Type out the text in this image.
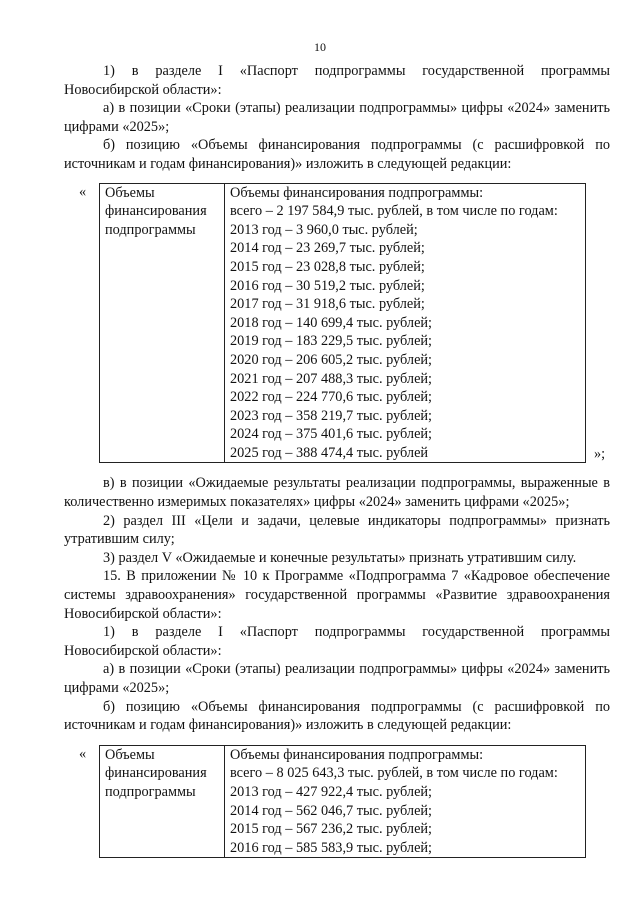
10

1) в разделе I «Паспорт подпрограммы государственной программы Новосибирской области»:

а) в позиции «Сроки (этапы) реализации подпрограммы» цифры «2024» заменить цифрами «2025»;

б) позицию «Объемы финансирования подпрограммы (с расшифровкой по источникам и годам финансирования)» изложить в следующей редакции:

« Объемы финансирования подпрограммы	Объемы финансирования подпрограммы:
всего – 2 197 584,9 тыс. рублей, в том числе по годам:
2013 год – 3 960,0 тыс. рублей;
2014 год – 23 269,7 тыс. рублей;
2015 год – 23 028,8 тыс. рублей;
2016 год – 30 519,2 тыс. рублей;
2017 год – 31 918,6 тыс. рублей;
2018 год – 140 699,4 тыс. рублей;
2019 год – 183 229,5 тыс. рублей;
2020 год – 206 605,2 тыс. рублей;
2021 год – 207 488,3 тыс. рублей;
2022 год – 224 770,6 тыс. рублей;
2023 год – 358 219,7 тыс. рублей;
2024 год – 375 401,6 тыс. рублей;
2025 год – 388 474,4 тыс. рублей	»;

в) в позиции «Ожидаемые результаты реализации подпрограммы, выраженные в количественно измеримых показателях» цифры «2024» заменить цифрами «2025»;

2) раздел III «Цели и задачи, целевые индикаторы подпрограммы» признать утратившим силу;

3) раздел V «Ожидаемые и конечные результаты» признать утратившим силу.

15. В приложении № 10 к Программе «Подпрограмма 7 «Кадровое обеспечение системы здравоохранения» государственной программы «Развитие здравоохранения Новосибирской области»:

1) в разделе I «Паспорт подпрограммы государственной программы Новосибирской области»:

а) в позиции «Сроки (этапы) реализации подпрограммы» цифры «2024» заменить цифрами «2025»;

б) позицию «Объемы финансирования подпрограммы (с расшифровкой по источникам и годам финансирования)» изложить в следующей редакции:

« Объемы финансирования подпрограммы	Объемы финансирования подпрограммы:
всего – 8 025 643,3 тыс. рублей, в том числе по годам:
2013 год – 427 922,4 тыс. рублей;
2014 год – 562 046,7 тыс. рублей;
2015 год – 567 236,2 тыс. рублей;
2016 год – 585 583,9 тыс. рублей;
